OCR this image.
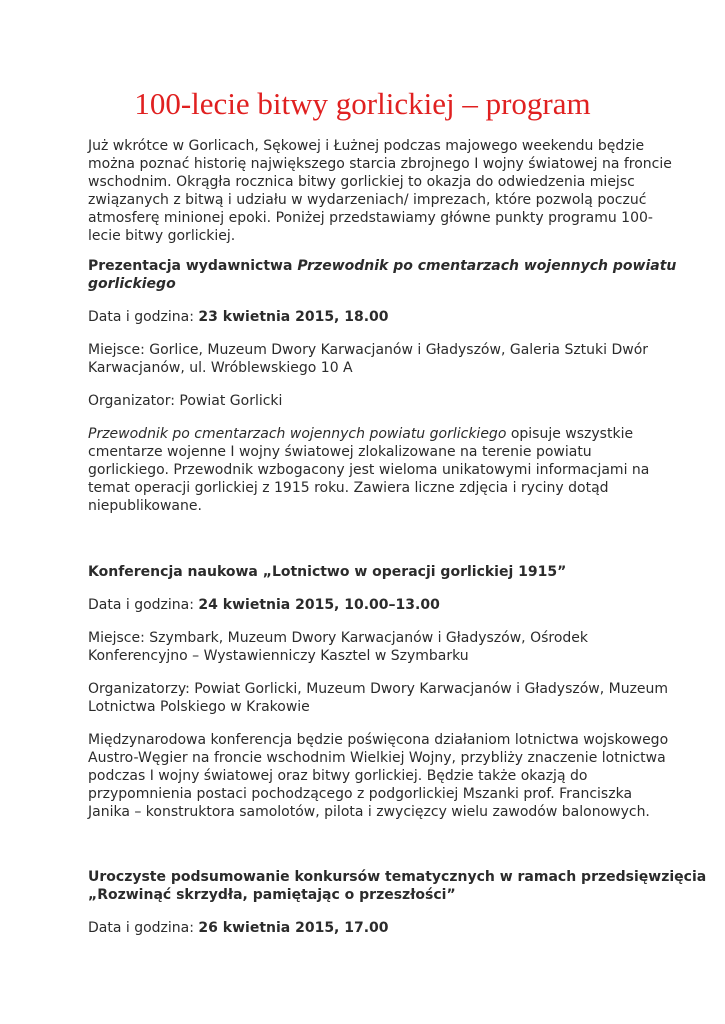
100-lecie bitwy gorlickiej – program

Już wkrótce w Gorlicach, Sękowej i Łużnej podczas majowego weekendu będzie

można poznać historię największego starcia zbrojnego I wojny światowej na froncie

wschodnim. Okrągła rocznica bitwy gorlickiej to okazja do odwiedzenia miejsc

związanych z bitwą i udziału w wydarzeniach/ imprezach, które pozwolą poczuć

atmosferę minionej epoki. Poniżej przedstawiamy główne punkty programu 100-

lecie bitwy gorlickiej.

Prezentacja wydawnictwa Przewodnik po cmentarzach wojennych powiatu

gorlickiego

Data i godzina: 23 kwietnia 2015, 18.00

Miejsce: Gorlice, Muzeum Dwory Karwacjanów i Gładyszów, Galeria Sztuki Dwór

Karwacjanów, ul. Wróblewskiego 10 A

Organizator: Powiat Gorlicki

Przewodnik po cmentarzach wojennych powiatu gorlickiego opisuje wszystkie

cmentarze wojenne I wojny światowej zlokalizowane na terenie powiatu

gorlickiego. Przewodnik wzbogacony jest wieloma unikatowymi informacjami na

temat operacji gorlickiej z 1915 roku. Zawiera liczne zdjęcia i ryciny dotąd

niepublikowane.

Konferencja naukowa „Lotnictwo w operacji gorlickiej 1915”

Data i godzina: 24 kwietnia 2015, 10.00–13.00

Miejsce: Szymbark, Muzeum Dwory Karwacjanów i Gładyszów, Ośrodek

Konferencyjno – Wystawienniczy Kasztel w Szymbarku

Organizatorzy: Powiat Gorlicki, Muzeum Dwory Karwacjanów i Gładyszów, Muzeum

Lotnictwa Polskiego w Krakowie

Międzynarodowa konferencja będzie poświęcona działaniom lotnictwa wojskowego

Austro-Węgier na froncie wschodnim Wielkiej Wojny, przybliży znaczenie lotnictwa

podczas I wojny światowej oraz bitwy gorlickiej. Będzie także okazją do

przypomnienia postaci pochodzącego z podgorlickiej Mszanki prof. Franciszka

Janika – konstruktora samolotów, pilota i zwycięzcy wielu zawodów balonowych.

Uroczyste podsumowanie konkursów tematycznych w ramach przedsięwzięcia

„Rozwinąć skrzydła, pamiętając o przeszłości”

Data i godzina: 26 kwietnia 2015, 17.00
